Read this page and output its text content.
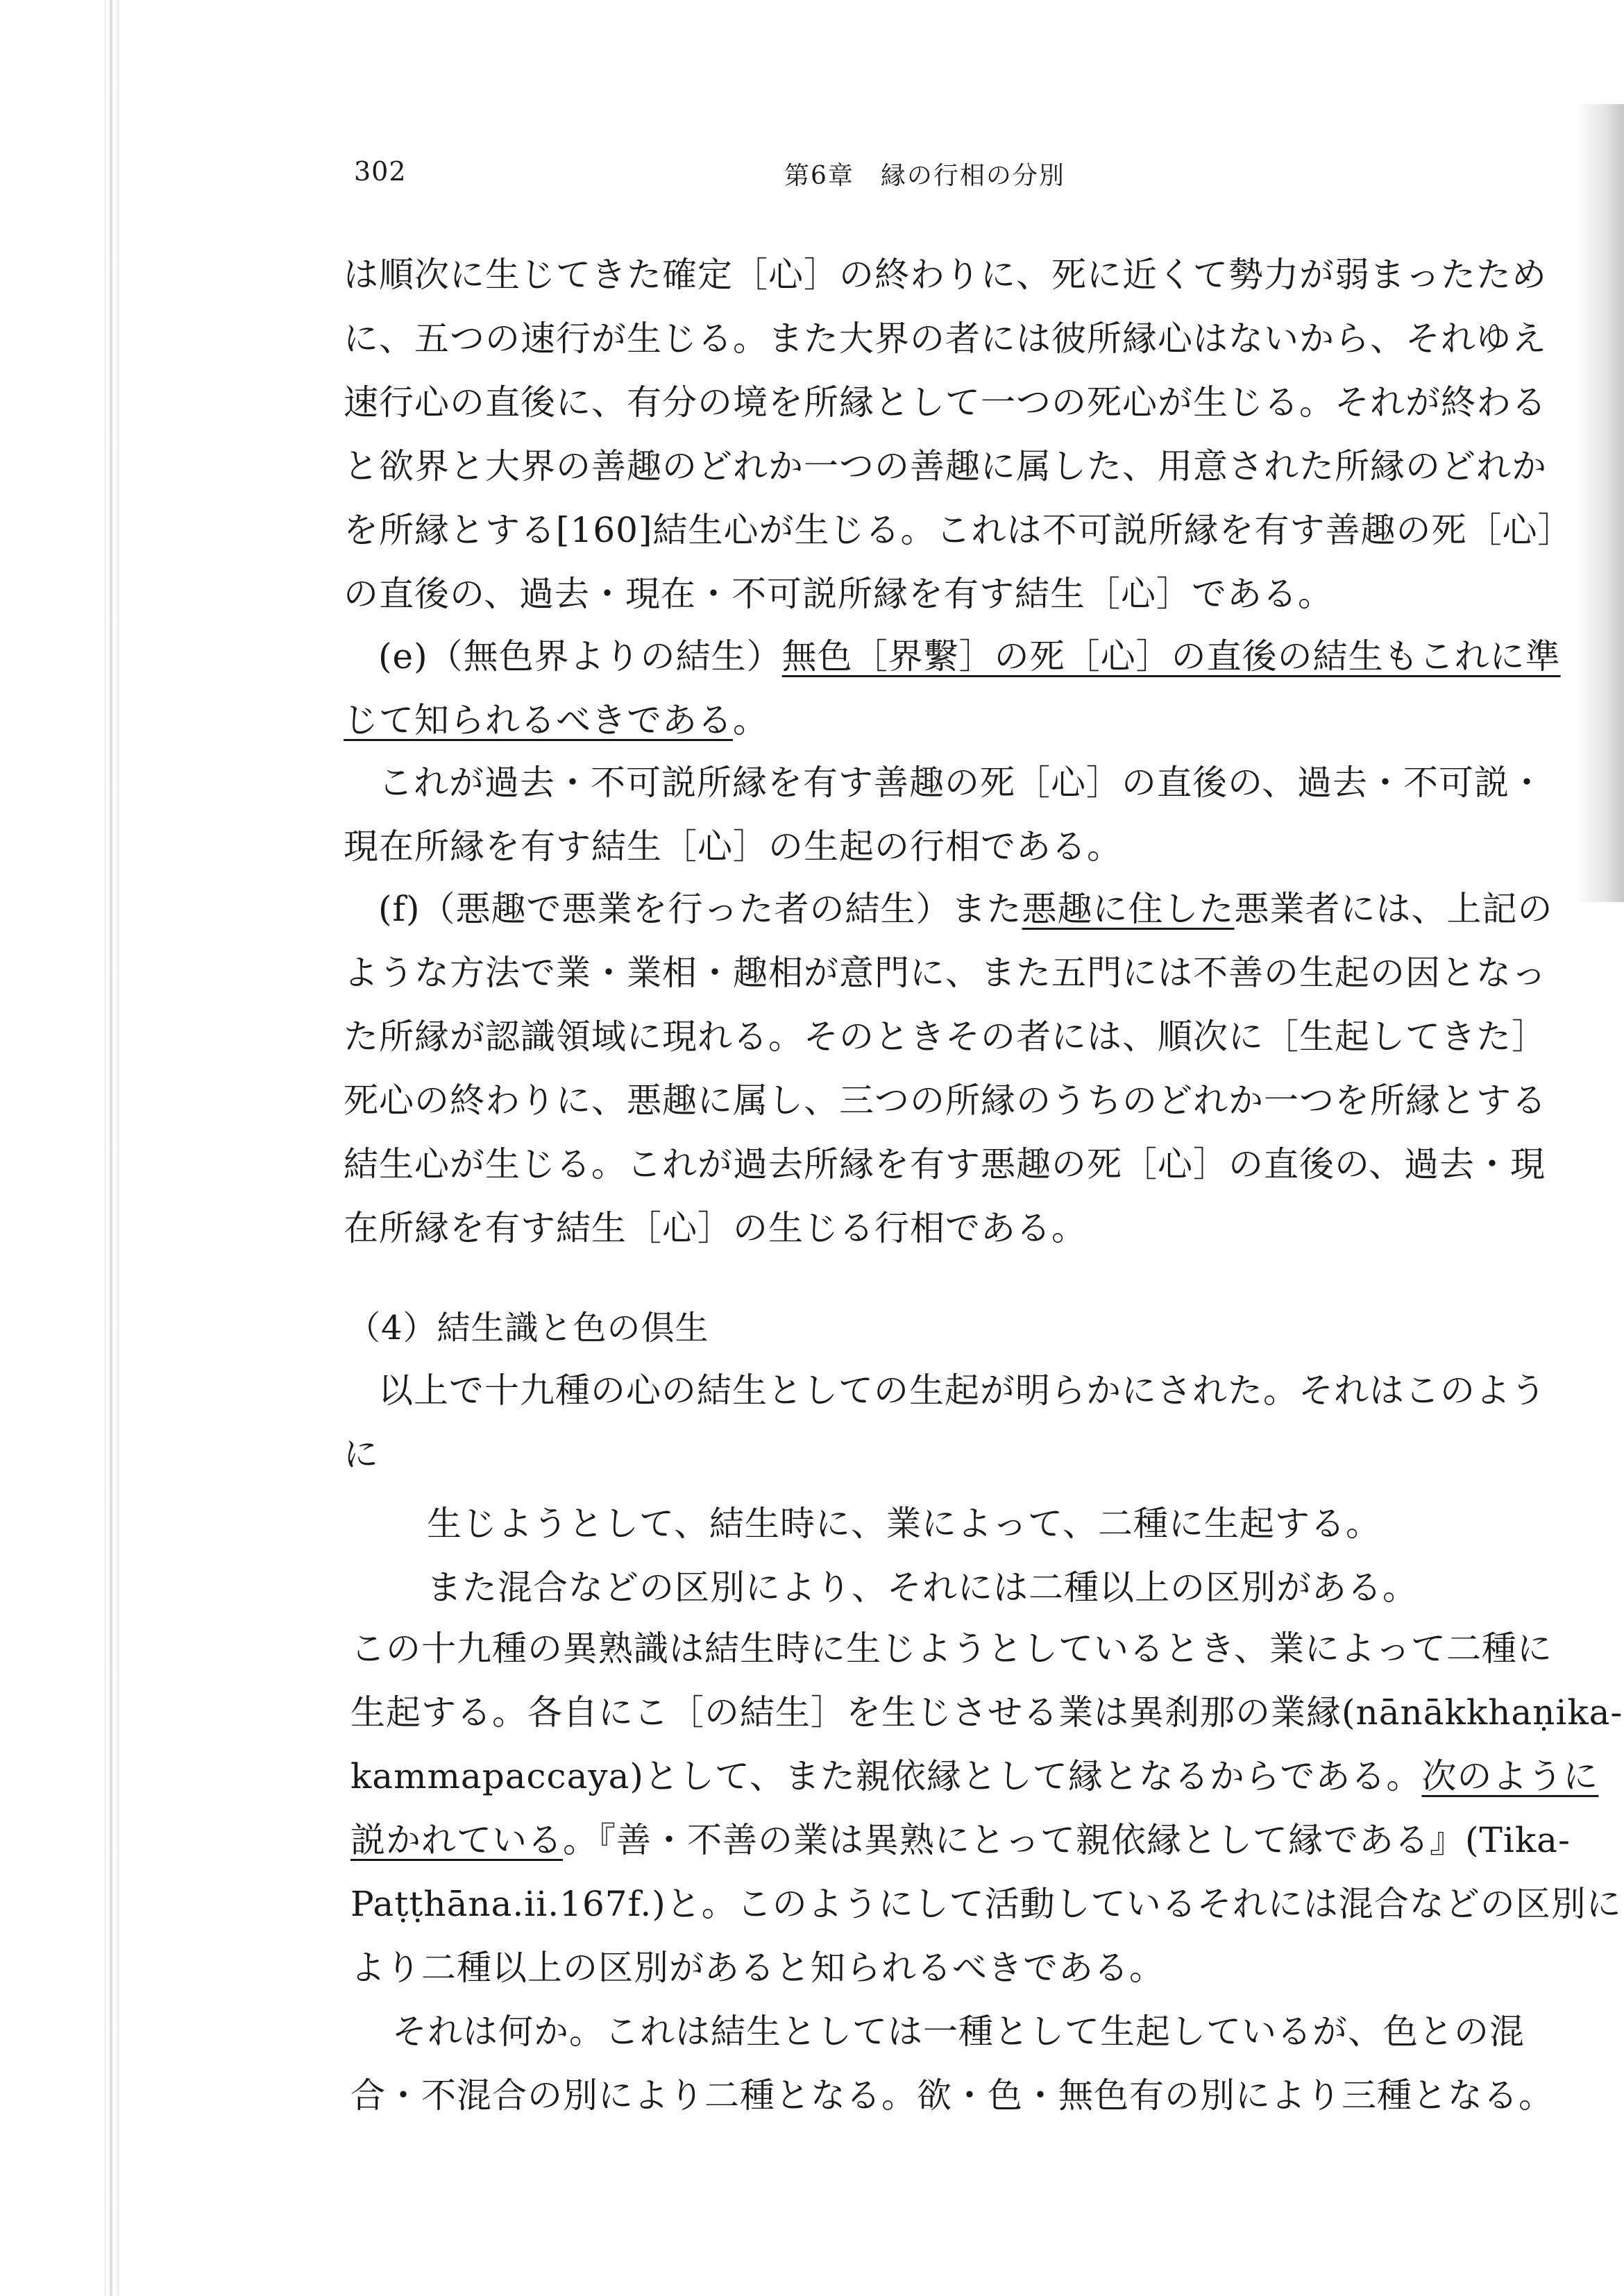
302	第6章　縁の行相の分別
は順次に生じてきた確定［心］の終わりに、死に近くて勢力が弱まったため
に、五つの速行が生じる。また大界の者には彼所縁心はないから、それゆえ
速行心の直後に、有分の境を所縁として一つの死心が生じる。それが終わる
と欲界と大界の善趣のどれか一つの善趣に属した、用意された所縁のどれか
を所縁とする[160]結生心が生じる。これは不可説所縁を有す善趣の死［心］
の直後の、過去・現在・不可説所縁を有す結生［心］である。
(e)（無色界よりの結生）無色［界繫］の死［心］の直後の結生もこれに準
じて知られるべきである。
これが過去・不可説所縁を有す善趣の死［心］の直後の、過去・不可説・
現在所縁を有す結生［心］の生起の行相である。
(f)（悪趣で悪業を行った者の結生）また悪趣に住した悪業者には、上記の
ような方法で業・業相・趣相が意門に、また五門には不善の生起の因となっ
た所縁が認識領域に現れる。そのときその者には、順次に［生起してきた］
死心の終わりに、悪趣に属し、三つの所縁のうちのどれか一つを所縁とする
結生心が生じる。これが過去所縁を有す悪趣の死［心］の直後の、過去・現
在所縁を有す結生［心］の生じる行相である。
（4）結生識と色の倶生
以上で十九種の心の結生としての生起が明らかにされた。それはこのよう
に
生じようとして、結生時に、業によって、二種に生起する。
また混合などの区別により、それには二種以上の区別がある。
この十九種の異熟識は結生時に生じようとしているとき、業によって二種に
生起する。各自にこ［の結生］を生じさせる業は異刹那の業縁(nānākkhaṇika-
kammapaccaya)として、また親依縁として縁となるからである。次のように
説かれている。『善・不善の業は異熟にとって親依縁として縁である』(Tika-
Paṭṭhāna.ii.167f.)と。このようにして活動しているそれには混合などの区別に
より二種以上の区別があると知られるべきである。
それは何か。これは結生としては一種として生起しているが、色との混
合・不混合の別により二種となる。欲・色・無色有の別により三種となる。
